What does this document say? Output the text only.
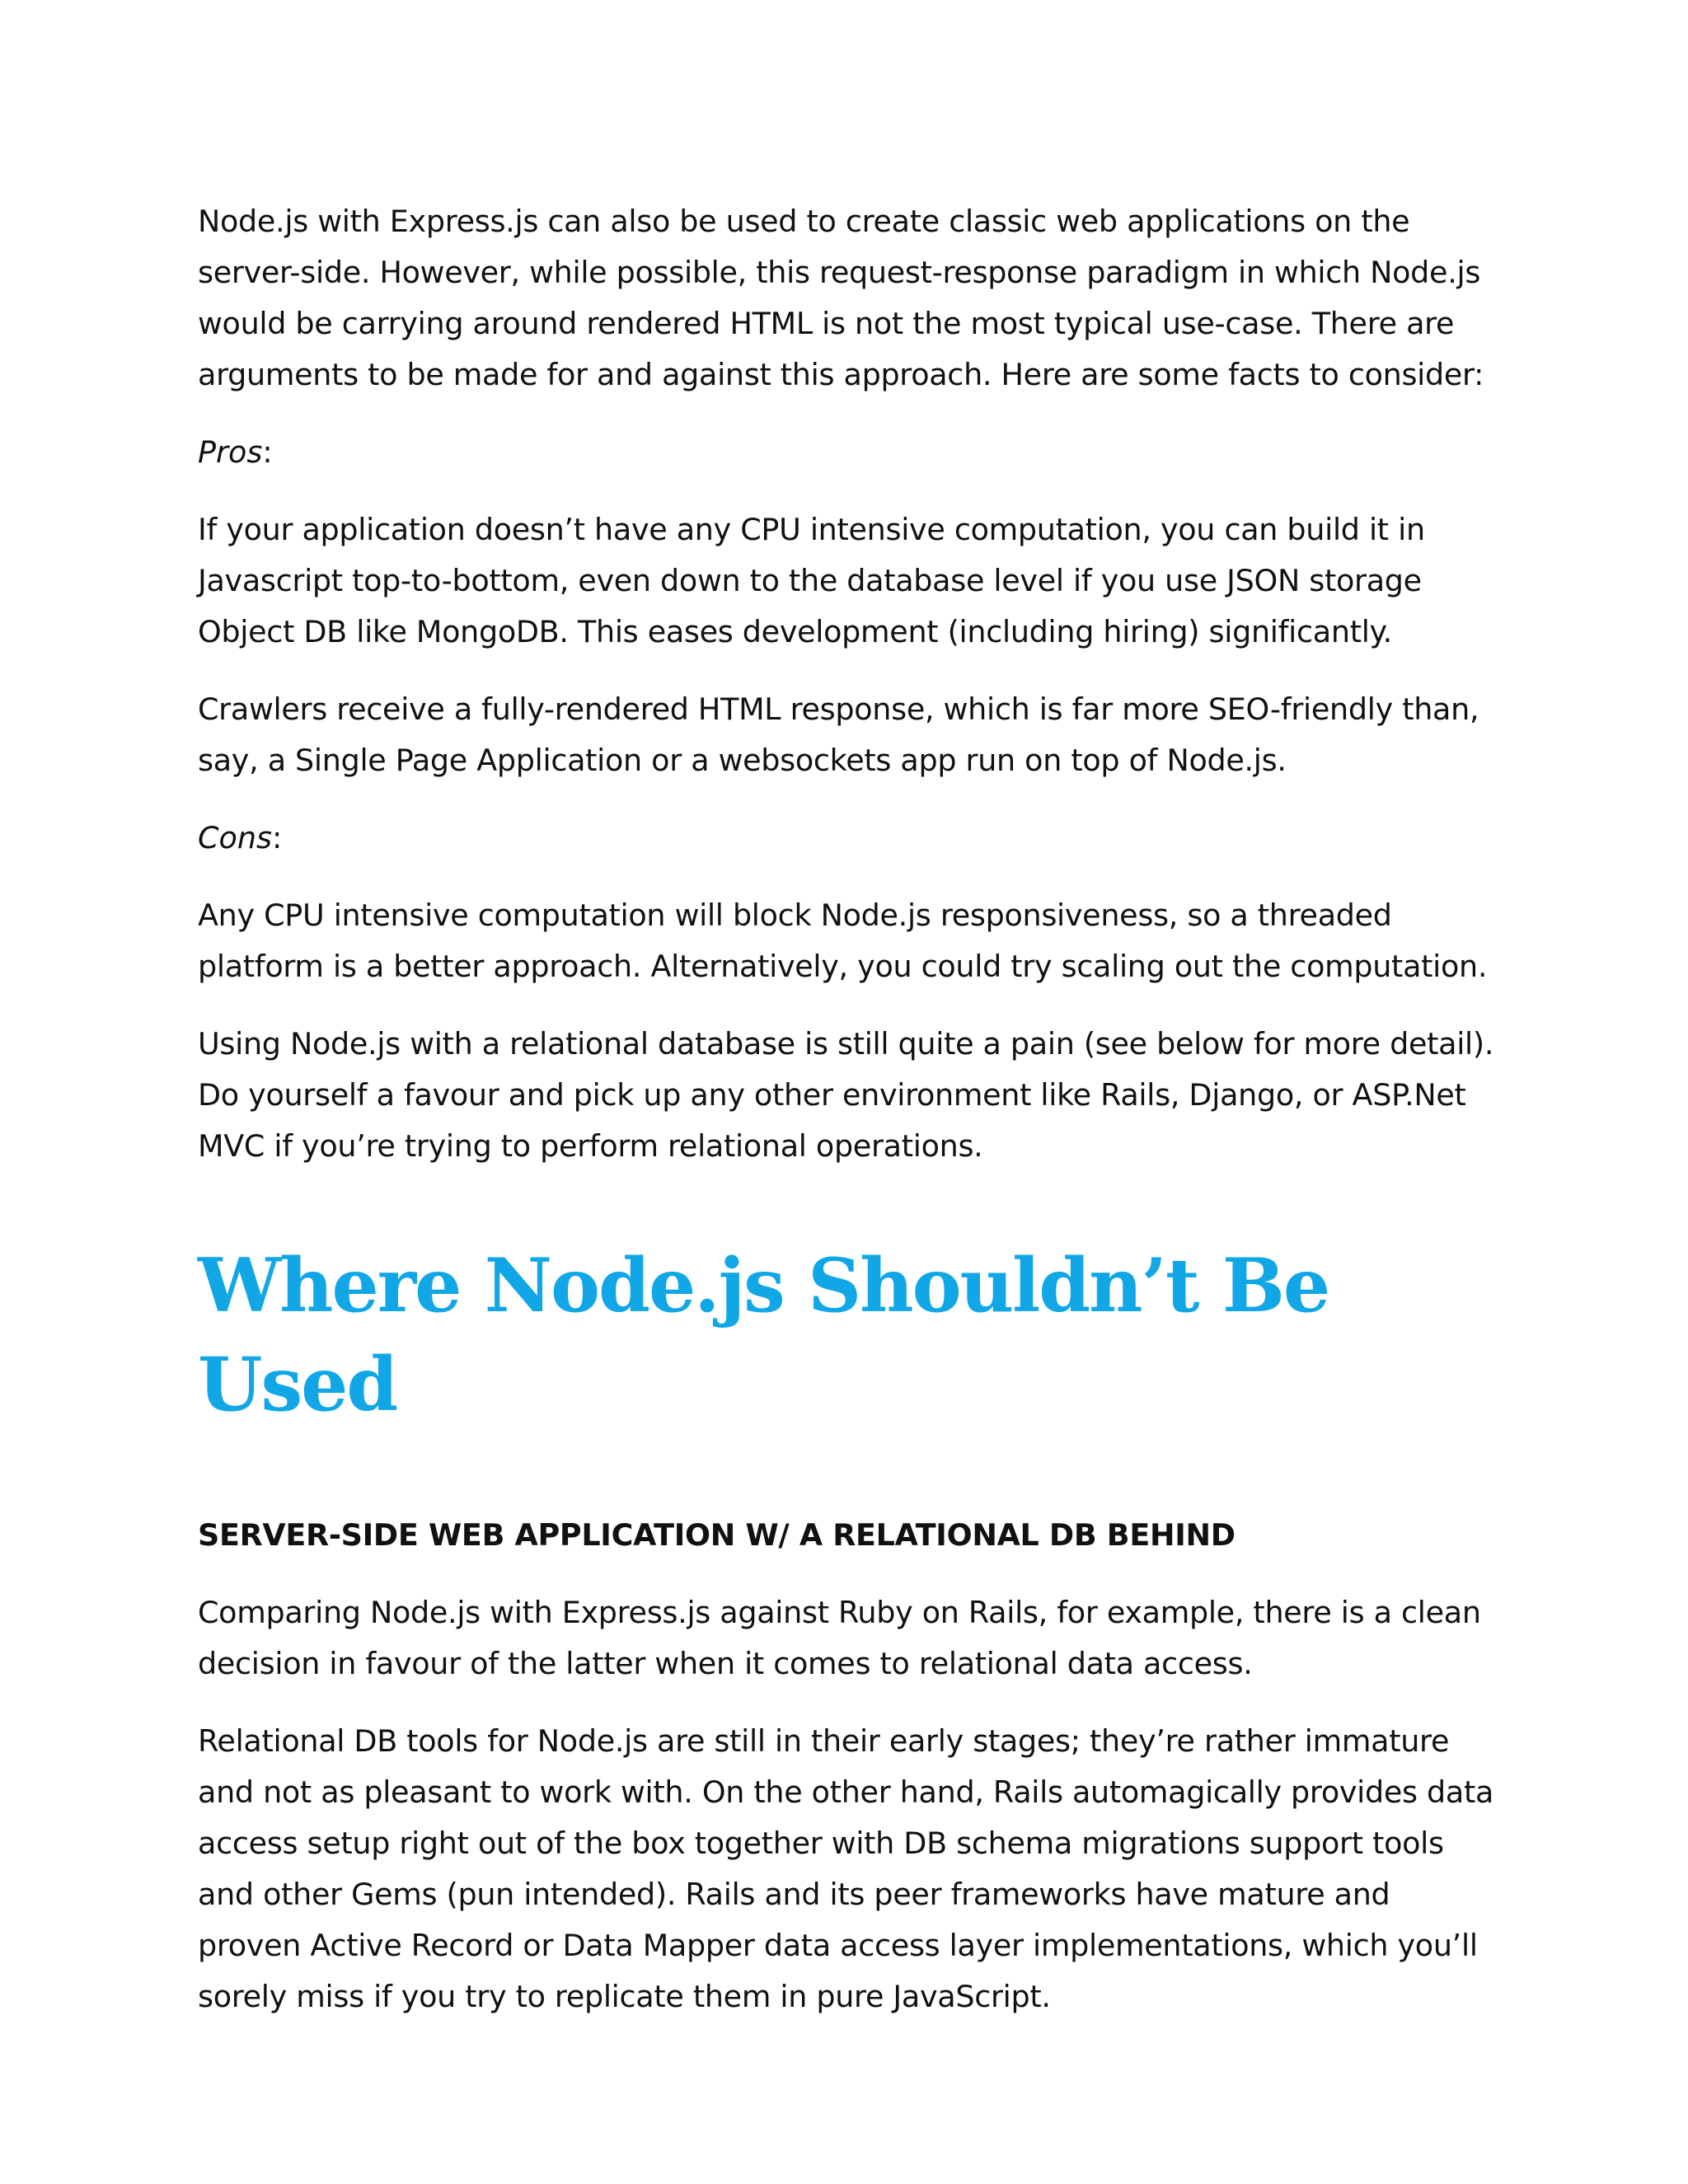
Node.js with Express.js can also be used to create classic web applications on the server-side. However, while possible, this request-response paradigm in which Node.js would be carrying around rendered HTML is not the most typical use-case. There are arguments to be made for and against this approach. Here are some facts to consider:

Pros:

If your application doesn’t have any CPU intensive computation, you can build it in Javascript top-to-bottom, even down to the database level if you use JSON storage Object DB like MongoDB. This eases development (including hiring) significantly.

Crawlers receive a fully-rendered HTML response, which is far more SEO-friendly than, say, a Single Page Application or a websockets app run on top of Node.js.

Cons:

Any CPU intensive computation will block Node.js responsiveness, so a threaded platform is a better approach. Alternatively, you could try scaling out the computation.

Using Node.js with a relational database is still quite a pain (see below for more detail). Do yourself a favour and pick up any other environment like Rails, Django, or ASP.Net MVC if you’re trying to perform relational operations.

Where Node.js Shouldn’t Be Used
SERVER-SIDE WEB APPLICATION W/ A RELATIONAL DB BEHIND

Comparing Node.js with Express.js against Ruby on Rails, for example, there is a clean decision in favour of the latter when it comes to relational data access.

Relational DB tools for Node.js are still in their early stages; they’re rather immature and not as pleasant to work with. On the other hand, Rails automagically provides data access setup right out of the box together with DB schema migrations support tools and other Gems (pun intended). Rails and its peer frameworks have mature and proven Active Record or Data Mapper data access layer implementations, which you’ll sorely miss if you try to replicate them in pure JavaScript.
